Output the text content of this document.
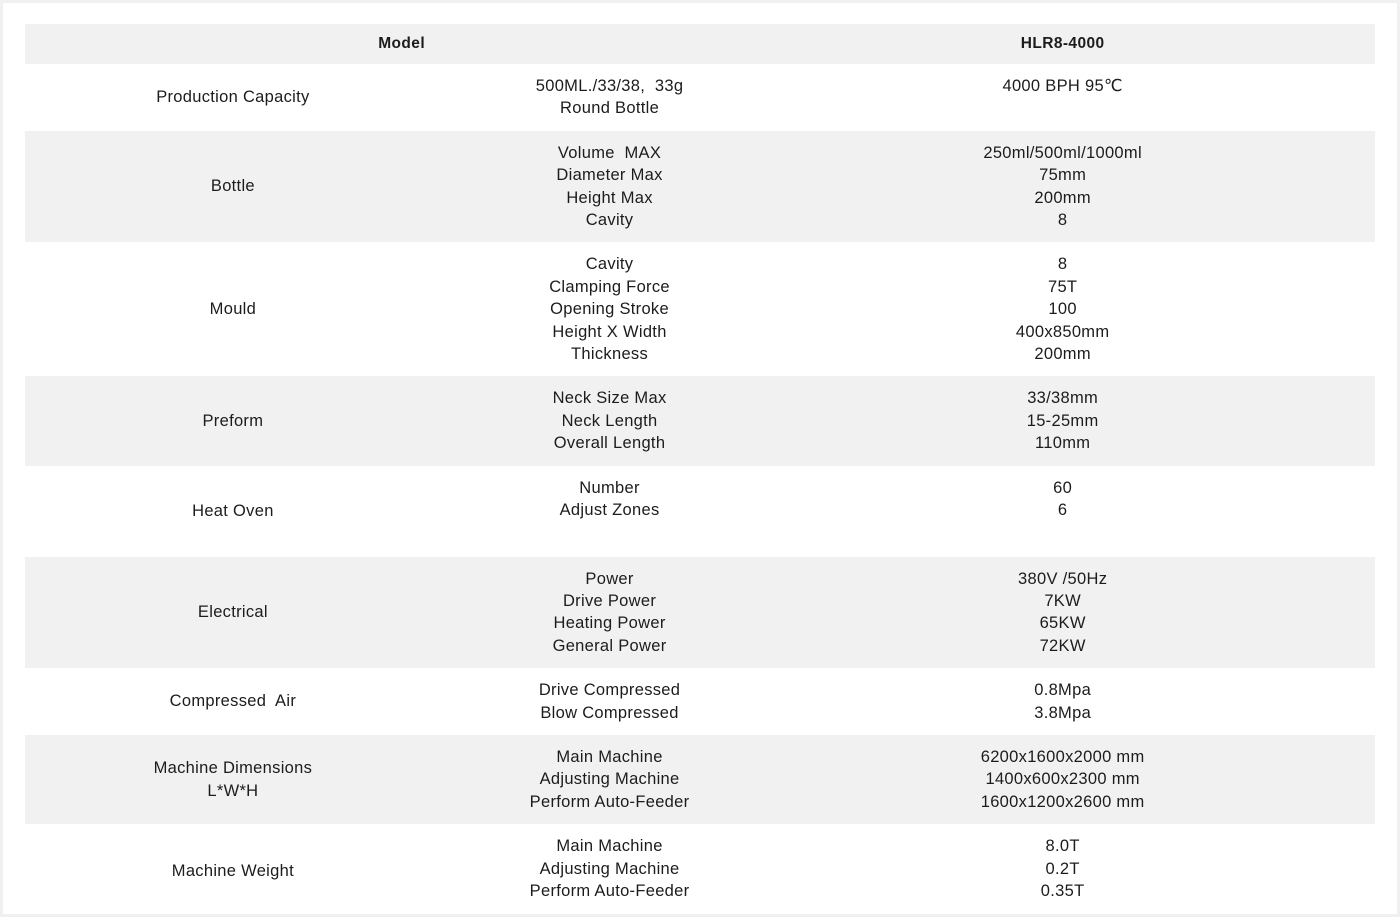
Model	HLR8-4000
Production Capacity
500ML./33/38,  33g
Round Bottle
4000 BPH 95℃
Bottle
Volume  MAX
Diameter Max
Height Max
Cavity
250ml/500ml/1000ml
75mm
200mm
8
Mould
Cavity
Clamping Force
Opening Stroke
Height X Width
Thickness
8
75T
100
400x850mm
200mm
Preform
Neck Size Max
Neck Length
Overall Length
33/38mm
15-25mm
110mm
Heat Oven
Number
Adjust Zones
60
6
Electrical
Power
Drive Power
Heating Power
General Power
380V /50Hz
7KW
65KW
72KW
Compressed  Air
Drive Compressed
Blow Compressed
0.8Mpa
3.8Mpa
Machine Dimensions
L*W*H
Main Machine
Adjusting Machine
Perform Auto-Feeder
6200x1600x2000 mm
1400x600x2300 mm
1600x1200x2600 mm
Machine Weight
Main Machine
Adjusting Machine
Perform Auto-Feeder
8.0T
0.2T
0.35T
